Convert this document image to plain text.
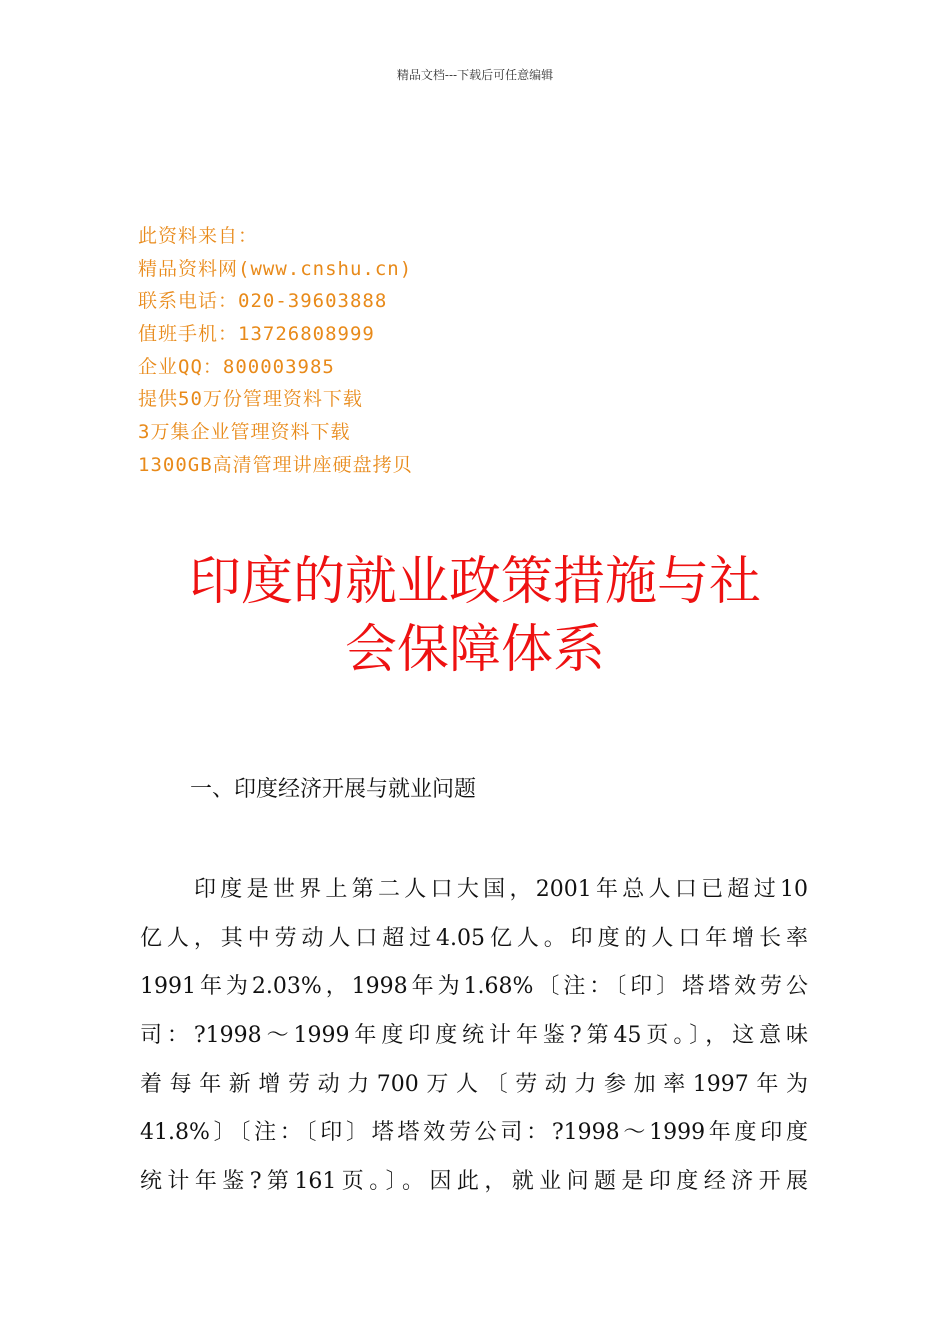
精品文档---下载后可任意编辑
此资料来自：
精品资料网(www.cnshu.cn)
联系电话：020-39603888
值班手机：13726808999
企业QQ：800003985
提供50万份管理资料下载
3万集企业管理资料下载
1300GB高清管理讲座硬盘拷贝
印度的就业政策措施与社
会保障体系
一、印度经济开展与就业问题
印度是世界上第二人口大国，2001年总人口已超过10
亿人，其中劳动人口超过4.05亿人。印度的人口年增长率
1991年为2.03%，1998年为1.68%〔注：〔印〕塔塔效劳公
司：?1998～1999年度印度统计年鉴?第45页。〕，这意味
着每年新增劳动力700万人〔劳动力参加率1997年为
41.8%〕〔注：〔印〕塔塔效劳公司：?1998～1999年度印度
统计年鉴?第161页。〕。因此，就业问题是印度经济开展
